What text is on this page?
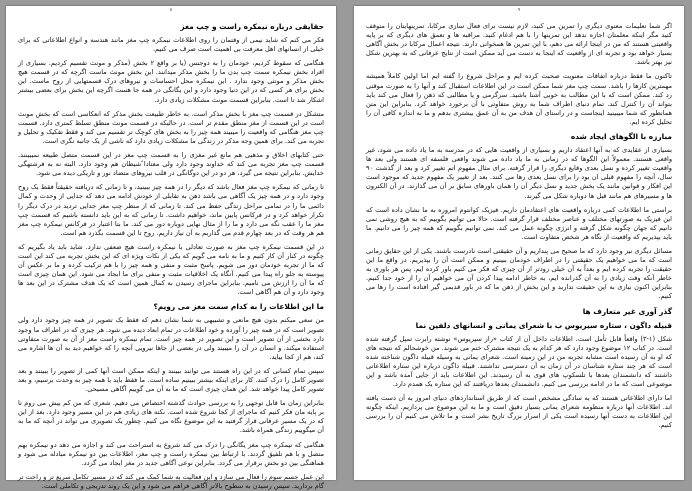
۸
حقایقی درباره نیمکره راست و چپ مغز

فکر می کنم که شاید نیمی از وقتمان را روی اطلاعات نیمکره چپ مغز مانند هندسه و انواع اطلاعاتی که برای خیلی از انسانهای اهل معرفت بی اهمیت است صرف می کنیم.

هنگامی که سقوط کردیم، خودمان را به دوجنس (یا بر واقع ۲ بخش (مذکر و مونث تقسیم کردیم. بسیاری از افراد بخش نیمکره سمت چپ بدن ما را بخش مذکر میدانند. این بخش مونث ماست اگرچه که در قسمت هیچ بخش مذکر و مونثی وجود ندارد . این نیمکره محل احساسات و نیروهای درک قسمتهایی از روح ماست. این بخش برای هر کسی که در این دنیا وجود دارد و این یگانگی در همه جا هست اگرچه این بخش برای بعضی بیشتر اشکار شد تا است. بنابراین قسمت مونث مشکلات زیادی دارد.

متشکل در قسمت چپ مغز با بخش مذکر است. به خاطر طبیعت بخش مذکر که انعکاسی است که بخش مونث است در این قسمت از مغز منطق مقدم تر است. در حالیکه در قسمت مونث منطق تسلط کمتری دارد. قسمت چپ مغز هنگامی که واقعیت را میبیند همه چیز را به بخش های کوچک تر تقسیم می کند و فقط تفکیک و تحلیل و تجربه می کند. برای همین وجه مذکر در زندگی ما مشکلات زیادی دارد که ناشی از یک جانبه نگری است.

حتی کتابهای اخلاق و مذهبی هم مانع غیر مغزی را به قسمت چپ مغز در این قسمت متصل طبیعه نمیبینند. قسمت چپ مغز تجربه می کند که خداوند وجود دارد ولی معتادا ًشیطان هم وجود دارد. البته نه به فرشتهگی خدایش. بنابراین نتیجه می گیرد، هر دو در این دوگانگی در قلب نیروهای متضاد نور و تاریکی دیده می شود.

تا زمانی که نیمکره چپ مغز فعال باشد که دیگر را در همه چیز ببینید، و تا زمانی که دریافته حقیقتاً فقط یک روح وجود دارد و در همه چیز یک آگاهی می باشد ذهن به تقابلی از خودش ادامه می دهد که جدایی از وحدت و کمال دائمی ما را در تمامی مراحل زندگی حفظ می کند. تا زمانی که از منظر چپ مغز جدایی تردید در درک دیگر را تکرار خواهد کرد و در فرکانس پایین ماند، خواهیم داشت. تا زمانی که به این باید دانسته باشیم که قسمت چپ مغز ما را عقب نگه می دارد و ما را از مثال نهایی دوباره دور می کند. ما بتا اعتبار در فرکانس نیمکره چپ مغز هم هر وقت که در بعد چهارم قدم می گذاریم به آن نیاز داریم. روح تا این قسمت بگذرد هم است.

در این قسمت نیمکره چپ مغز به صورت تعادلی با نیمکره راست هیچ ضعفی ندارد. شاید باید یاد بگیریم که چگونه در کنار آن کار کنیم و ما به نامه می گویم که یکی از نکات ویژه ای که این بخش تجربه می کند این است که ما از تجربه خودمان دور می شویم. پاسخ مثبت و منفی و همه چیز را با هم ترکیب کرده و ما بر عکس آن پیوسته به جلو راه پیدا می کنیم. آنگاه یک اخلاقیات مثبت و منفی برای ما ایجاد می شود. این همان چیزی است که ما آن را ارزش می نامیم. بنابراین ماجرای رسیدن به کمال همین است که یک هدف مشترک در این بعد ها وجود دارد و آن هم آگاهی است.

ما این اطلاعات را به کدام سمت مغز می رویم؟

من سعی میکنم بدون هیچ مانعی و تشبیهی به شما نشان دهم که فقط یک تصویر در همه چیز وجود دارد ولی تصویر است که در همه چیز را آورده و خود اطلاعات در تمام ابعاد دیده می شود. هر چیزی که در اطراف ما وجود دارد بخشی از آن تصویر است و این تصویر در همه چیز است. تمام نیمکره راست مغز از آن به صورت متفاوتی استفاده میکند. و انسان در آن را میبیند ولی در بعضی از جاها نیرویی آنچه را که خواهیم دید به آن ها اشاره می کند، هم از کجا بیاید.

سپس تمام کسانی که در این راه هستند می توانند ببینند و اینکه ممکن است آنها کمی از تصویر را ببینند و بعد تصویر کامل را درک کنند. کار برای اینکه بیشتر ببینیم ساده است. ما فقط باید با همه چیز به وحدت برسیم، و بعد تصویر کامل پیدا خواهد شد. این همان چیزی است که ما به آن می گوییم آگاهی مسیحی.

بنابراین زمان ما قابل توجهی را به بررسی حوادث گذشته اختصاص می دهیم. شعری که من کم بیش می روم تا بر پایه مان فکر کنیم که ماجرای از کجا شروع شده است. نکته های زیادی هم در این مسیر وجود دارد. بعد از این که در یک مسیر عرفانی قرار گرفتید به این موضوع نگاه می کنیم. چطور یک تصویری می تواند در آنچه که ما به آن میگوییم زندگی همراه باشد.

هنگامی که نیمکره چپ مغز یگانگی را درک می کند شروع به استراحت می کند و اجازه می دهد دو نیمکره بهم متصل و با هم تلفیق گردند. با ارتباط بین نیمکره راست و چپ مغز، اطلاعات بین دو نیمکره مبادله می شود و هماهنگی بین دو بخش برقرار می گردد. بنابراین نوعی آگاهی جدید در مغز ایجاد می گردد.

این عمل جسم سوم را فعال می سازد و این فعالیت به شما کمک می کند که در مسیر تکامل سریع تر و راحت تر گام بردارید. سپس رسیدن به سطوح بالاتر آگاهی فراهم می شود و این یک روند تدریجی و تکاملی است.

۹

اگر شما تعلیمات معنوی دیگری را تمرین می کنید، لازم نیست برای فعال سازی مرکابا، تمرینهایتان را متوقف کنید مگر اینکه معلمتان اجازه ندهد این تمرینها را با هم ادغام کنید. مراقبه ها و تعمق های دیگری که بر پایه واقعیتی هستند که من در اینجا ارائه می دهم، با این تمرین ها همخوانی دارند. نتیجه اعمال مرکابا در بخش آگاهی بسیار خواهد بود و تجربه ای از واقعیت که اینجا به دست می آید ممکن است از نتایج عرفانی که به بهترین شکل نیز بهتر باشد.

تاکنون ما فقط درباره اتفاقات معنویت صحبت کرده ایم و مراحل شروع را گفته ایم اما اولین کاملاً همیشه مهمترین کارها را باشد. سمت چپ مغز شما ممکن است در این اطلاعات استقبال کند و آنها را به صورت موقتی رد کند. ممکن است که با این مطالب به خوبی آشنا باشید. سرگرمی و یا مطالبی که ذهن را فعال می کند باید بتواند آن را کنترل کند. تمام دنیای اطراف شما به روش متفاوتی با آن برخورد خواهد کرد. بنابراین این متن همانطور که شما میبینید اینجاست و در راستای آن هدف من به آن عمق بیشتری بدهم و ما به اندازه کافی آن را تحلیل کرده ایم.

مبارزه با الگوهای ایجاد شده

بسیاری از عقایدی که به آنها اعتقاد داریم و بسیاری از واقعیت هایی که در مدرسه به ما یاد داده می شود، غیر واقعی هستند. معمولاً این الگوها که در زمانی به ما یاد داده می شوند واقعی فلسفه ای هستند ولی بعد ها واقعیت تغییر کرده و نسل بعدی وقایع دیگری را قرار گرفته. برای مثال مفهوم اتم تغییر کرد و بعد از گذشت ۹۰ سال، آنچه را مفهوم قبلی ان بود را برای نسل بعدی رها می کنند. بعد از تغییر یک مفهوم جدید که موجود است این افکار و قوانین مانند یک بخش جدید و نسل دیگر آن را همان باورهای سابق بر آن می گذارند. در آن الکترون ها و مسیرهای هم مانند قبل ها دوباره شکل می گیرند.

براستی ما اطلاعات کمی درباره واقعیت های اعتقادمان داریم. فیزیک کوانتوم امروزه به ما نشان داده است که این فیزیک به صورتهای مختلف و عناصر مختلف قرار گرفته است. حالا می توانیم بگوییم که به هیچ روشی نمی دانیم که جهان چگونه شکل گرفته و انرژی چگونه عمل می کند. نمی توانیم بگوییم که همه چیز را می دانیم. ما باید بپذیریم که واقعیت از نگاه هر شخص متفاوت است.

مسائل دیگری نیز وجود دارد که ما صحیح می پنداریم و آن حقیقتی است نادرست باشند. یکی از این حقایق زمانی است که ما می خواهیم یک حقیقتی را در اطراف خودمان ببینیم و ممکن است آن را بپذیریم. در واقع ما این حقیقت را تجربه کرده ایم و بعداً به آن خیلی زودتر از آن چیزی که فکر می کنیم باور کرده ایم. پس هر باوری به خاطر آنکه وقت زیادی را به آن گذرانده ایم، به خاطر ادامه پیدا کردن آن می خواهیم آن را از خود جدا کنیم. بنابراین اکنون نیازی به این حقیقت ندارید و این بخش از ذهن ما که در باور قدیمی گیر افتاده است را رها می کنیم.

گذر آوری غیر متعارف ها
قبیله داگون ، ستاره سیریوس ب با شعرای یمانی و انسانهای دلفین نما

شکل (۱-۳) واقعاً قابل تأمل است. اطلاعات داخل آن از کتاب «راز سیریوس» نوشته رابرت تمپل گرفته شده است. در کتاب ۱۲ موضوع وجود دارد که هر کدام به یک نتیجه مشترک ختم می شوند. من خوشحالم که نتیجه های که او به آن رسیده است مشابه تجربه من در این زمینه است. شعرای یمانی به وسیله قبیله داگون شناخته شده است که هر چند ستاره شناسان در آن زمان به آن دسترسی نداشتند. قبیله داگون درباره این ستاره اطلاعاتی داشتند که دانشمندان بعدها با تلسکوپ های قوی به آن رسیدند. این اطلاعات باید از جایی آمده باشد و این موضوعی است که ما در ادامه بررسی می کنیم. دانشمندان بعدها دریافتند که این ستاره یک همدم دارد.

اما دارای اطلاعاتی هستند که به سادگی مشخص است که از طریق استانداردهای دنیای امروز به آن دست یافته اند. اطلاعات آنها درباره منظومه شعرای یمانی بسیار دقیق است و ما به این موضوع می پردازیم. اینکه چگونه این اطلاعات به دست آنها رسیده است یکی از اسرار بزرگ تاریخ بشر است و ما تلاش می کنیم آن را بررسی کنیم.
